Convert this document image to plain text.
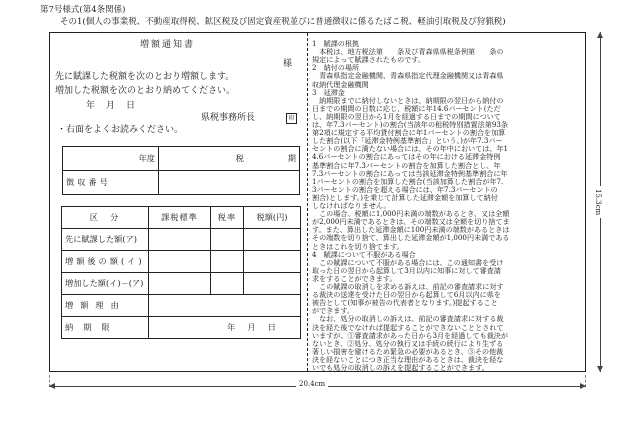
第7号様式(第4条関係)
その1(個人の事業税、不動産取得税、鉱区税及び固定資産税並びに普通徴収に係るたばこ税、軽油引取税及び狩猟税)
増額通知書
様
先に賦課した税額を次のとおり増額します。
増加した税額を次のとおり納めてください。
年　月　日
県税事務所長	印
・右面をよくお読みください。
年度	税 期
徴収番号	
区　分	課税標準	税率	税額(円)
先に賦課した額(ア)			
増額後の額(イ)			
増加した額(イ)－(ア)			
増額理由			
納期限	年　月　日		
1　賦課の根拠
　本税は、地方税法第　　条及び青森県県税条例第　　条の
規定によって賦課されたものです。
2　納付の場所
　青森県指定金融機関、青森県指定代理金融機関又は青森県
収納代理金融機関
3　延滞金
　納期限までに納付しないときは、納期限の翌日から納付の
日までの期間の日数に応じ、税額に年14.6パーセント(ただ
し、納期限の翌日から1月を経過する日までの期間について
は、年7.3パーセント)の割合(当該年の租税特別措置法第93条
第2項に規定する平均貸付割合に年1パーセントの割合を加算
した割合(以下「延滞金特例基準割合」という。)が年7.3パー
セントの割合に満たない場合には、その年中においては、年1
4.6パーセントの割合にあってはその年における延滞金特例
基準割合に年7.3パーセントの割合を加算した割合とし、年
7.3パーセントの割合にあっては当該延滞金特例基準割合に年
1パーセントの割合を加算した割合(当該加算した割合が年7.
3パーセントの割合を超える場合には、年7.3パーセントの
割合)とします。)を乗じて計算した延滞金額を加算して納付
しなければなりません。
　この場合、税額に1,000円未満の端数があるとき、又は全額
が2,000円未満であるときは、その端数又は全額を切り捨てま
す。また、算出した延滞金額に100円未満の端数があるときは
その端数を切り捨て、算出した延滞金額が1,000円未満である
ときはこれを切り捨てます。
4　賦課について不服がある場合
　この賦課について不服がある場合には、この通知書を受け
取った日の翌日から起算して3月以内に知事に対して審査請
求をすることができます。
　この賦課の取消しを求める訴えは、前記の審査請求に対す
る裁決の送達を受けた日の翌日から起算して6月以内に県を
被告として(知事が被告の代表者となります。)提起すること
ができます。
　なお、処分の取消しの訴えは、前記の審査請求に対する裁
決を経た後でなければ提起することができないこととされて
いますが、①審査請求があった日から3月を経過しても裁決が
ないとき、②処分、処分の執行又は手続の続行により生ずる
著しい損害を避けるため緊急の必要があるとき、③その他裁
決を経ないことにつき正当な理由があるときは、裁決を経な
いでも処分の取消しの訴えを提起することができます。
20.4cm
15.3cm
